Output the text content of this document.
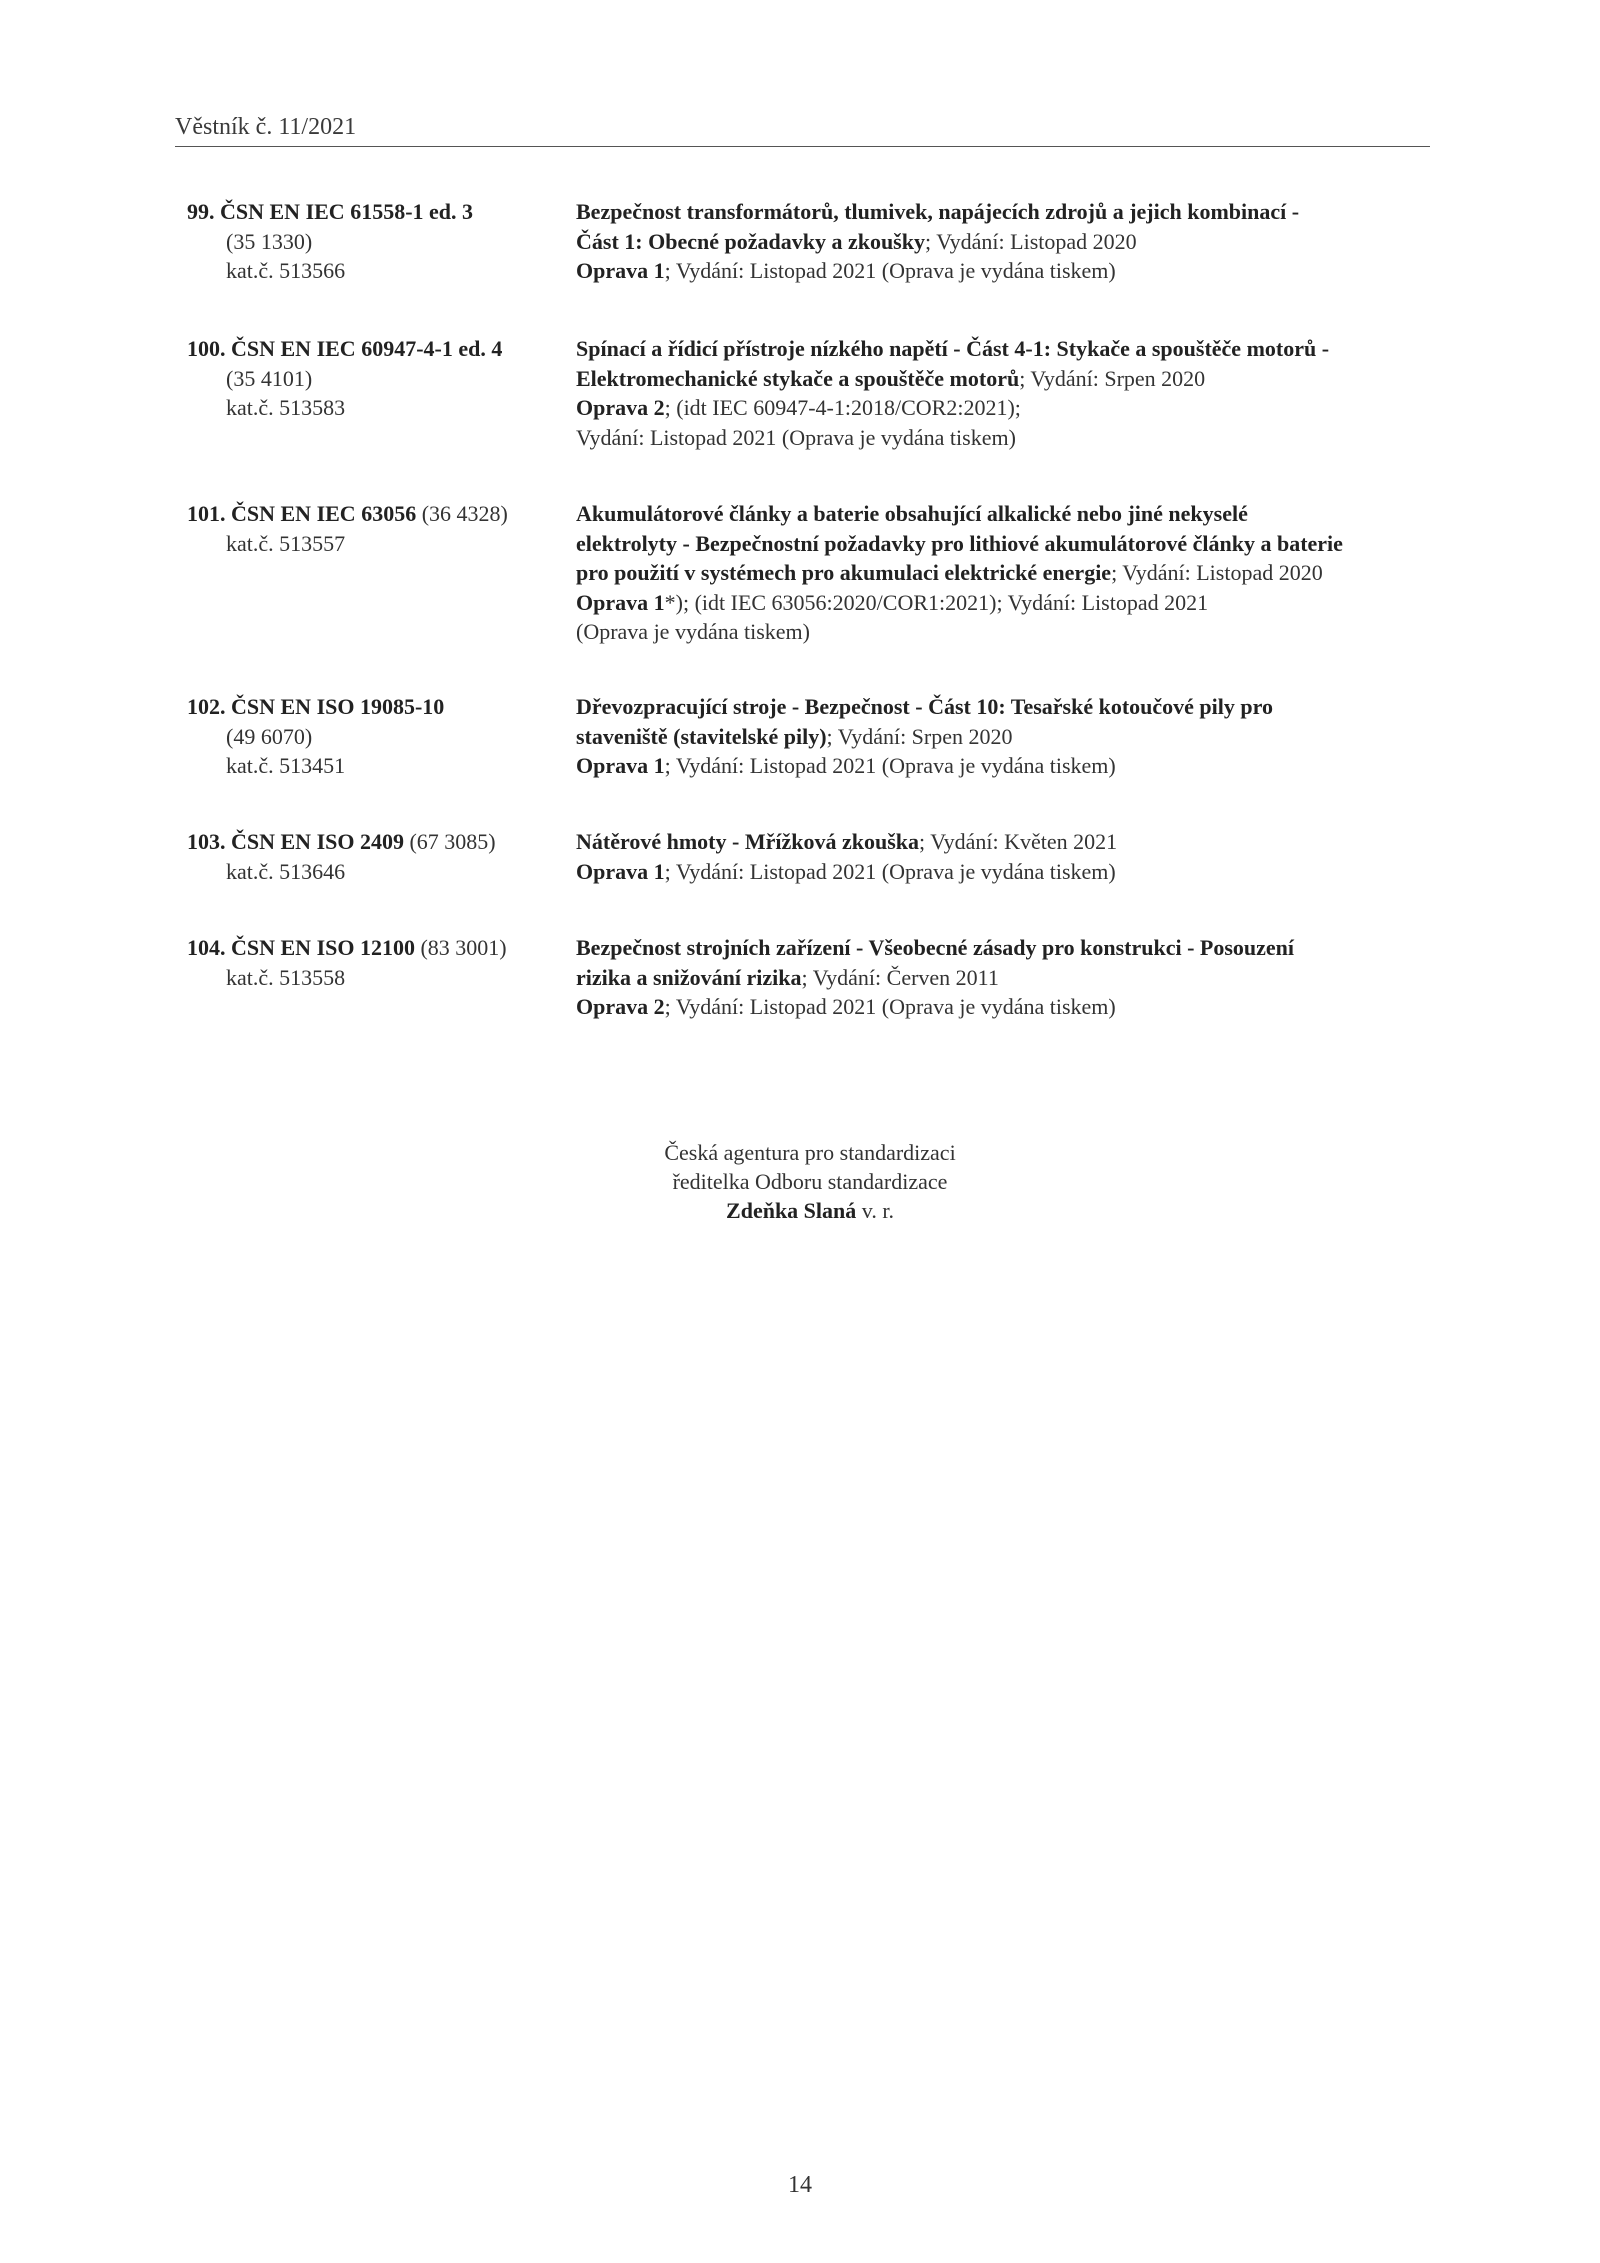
Věstník č. 11/2021
99. ČSN EN IEC 61558-1 ed. 3
(35 1330)
kat.č. 513566
Bezpečnost transformátorů, tlumivek, napájecích zdrojů a jejich kombinací -
Část 1: Obecné požadavky a zkoušky; Vydání: Listopad 2020
Oprava 1; Vydání: Listopad 2021 (Oprava je vydána tiskem)
100. ČSN EN IEC 60947-4-1 ed. 4
(35 4101)
kat.č. 513583
Spínací a řídicí přístroje nízkého napětí - Část 4-1: Stykače a spouštěče motorů -
Elektromechanické stykače a spouštěče motorů; Vydání: Srpen 2020
Oprava 2; (idt IEC 60947-4-1:2018/COR2:2021);
Vydání: Listopad 2021 (Oprava je vydána tiskem)
101. ČSN EN IEC 63056 (36 4328)
kat.č. 513557
Akumulátorové články a baterie obsahující alkalické nebo jiné nekyselé
elektrolyty - Bezpečnostní požadavky pro lithiové akumulátorové články a baterie
pro použití v systémech pro akumulaci elektrické energie; Vydání: Listopad 2020
Oprava 1*); (idt IEC 63056:2020/COR1:2021); Vydání: Listopad 2021
(Oprava je vydána tiskem)
102. ČSN EN ISO 19085-10
(49 6070)
kat.č. 513451
Dřevozpracující stroje - Bezpečnost - Část 10: Tesařské kotoučové pily pro
staveniště (stavitelské pily); Vydání: Srpen 2020
Oprava 1; Vydání: Listopad 2021 (Oprava je vydána tiskem)
103. ČSN EN ISO 2409 (67 3085)
kat.č. 513646
Nátěrové hmoty - Mřížková zkouška; Vydání: Květen 2021
Oprava 1; Vydání: Listopad 2021 (Oprava je vydána tiskem)
104. ČSN EN ISO 12100 (83 3001)
kat.č. 513558
Bezpečnost strojních zařízení - Všeobecné zásady pro konstrukci - Posouzení
rizika a snižování rizika; Vydání: Červen 2011
Oprava 2; Vydání: Listopad 2021 (Oprava je vydána tiskem)
Česká agentura pro standardizaci
ředitelka Odboru standardizace
Zdeňka Slaná v. r.
14
